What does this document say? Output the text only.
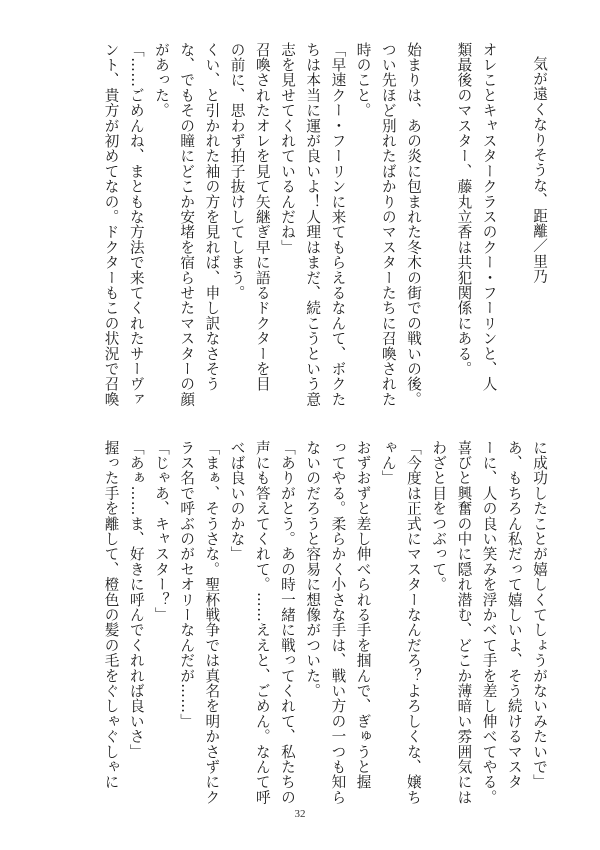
気が遠くなりそうな、距離／里乃
オレことキャスタークラスのクー・フーリンと、人
類最後のマスター、藤丸立香は共犯関係にある。
始まりは、あの炎に包まれた冬木の街での戦いの後。
つい先ほど別れたばかりのマスターたちに召喚された
時のこと。
「早速クー・フーリンに来てもらえるなんて、ボクた
ちは本当に運が良いよ！人理はまだ、続こうという意
志を見せてくれているんだね」
召喚されたオレを見て矢継ぎ早に語るドクターを目
の前に、思わず拍子抜けしてしまう。
くい、と引かれた袖の方を見れば、申し訳なさそう
な、でもその瞳にどこか安堵を宿らせたマスターの顔
があった。
「……ごめんね、まともな方法で来てくれたサーヴァ
ント、貴方が初めてなの。ドクターもこの状況で召喚
に成功したことが嬉しくてしょうがないみたいで」
あ、もちろん私だって嬉しいよ、そう続けるマスタ
ーに、人の良い笑みを浮かべて手を差し伸べてやる。
喜びと興奮の中に隠れ潜む、どこか薄暗い雰囲気には
わざと目をつぶって。
「今度は正式にマスターなんだろ？よろしくな、嬢ち
ゃん」
おずおずと差し伸べられる手を掴んで、ぎゅうと握
ってやる。柔らかく小さな手は、戦い方の一つも知ら
ないのだろうと容易に想像がついた。
「ありがとう。あの時一緒に戦ってくれて、私たちの
声にも答えてくれて。……ええと、ごめん。なんて呼
べば良いのかな」
「まぁ、そうさな。聖杯戦争では真名を明かさずにク
ラス名で呼ぶのがセオリーなんだが……」
「じゃあ、キャスター？」
「あぁ……ま、好きに呼んでくれれば良いさ」
握った手を離して、橙色の髪の毛をぐしゃぐしゃに
32
